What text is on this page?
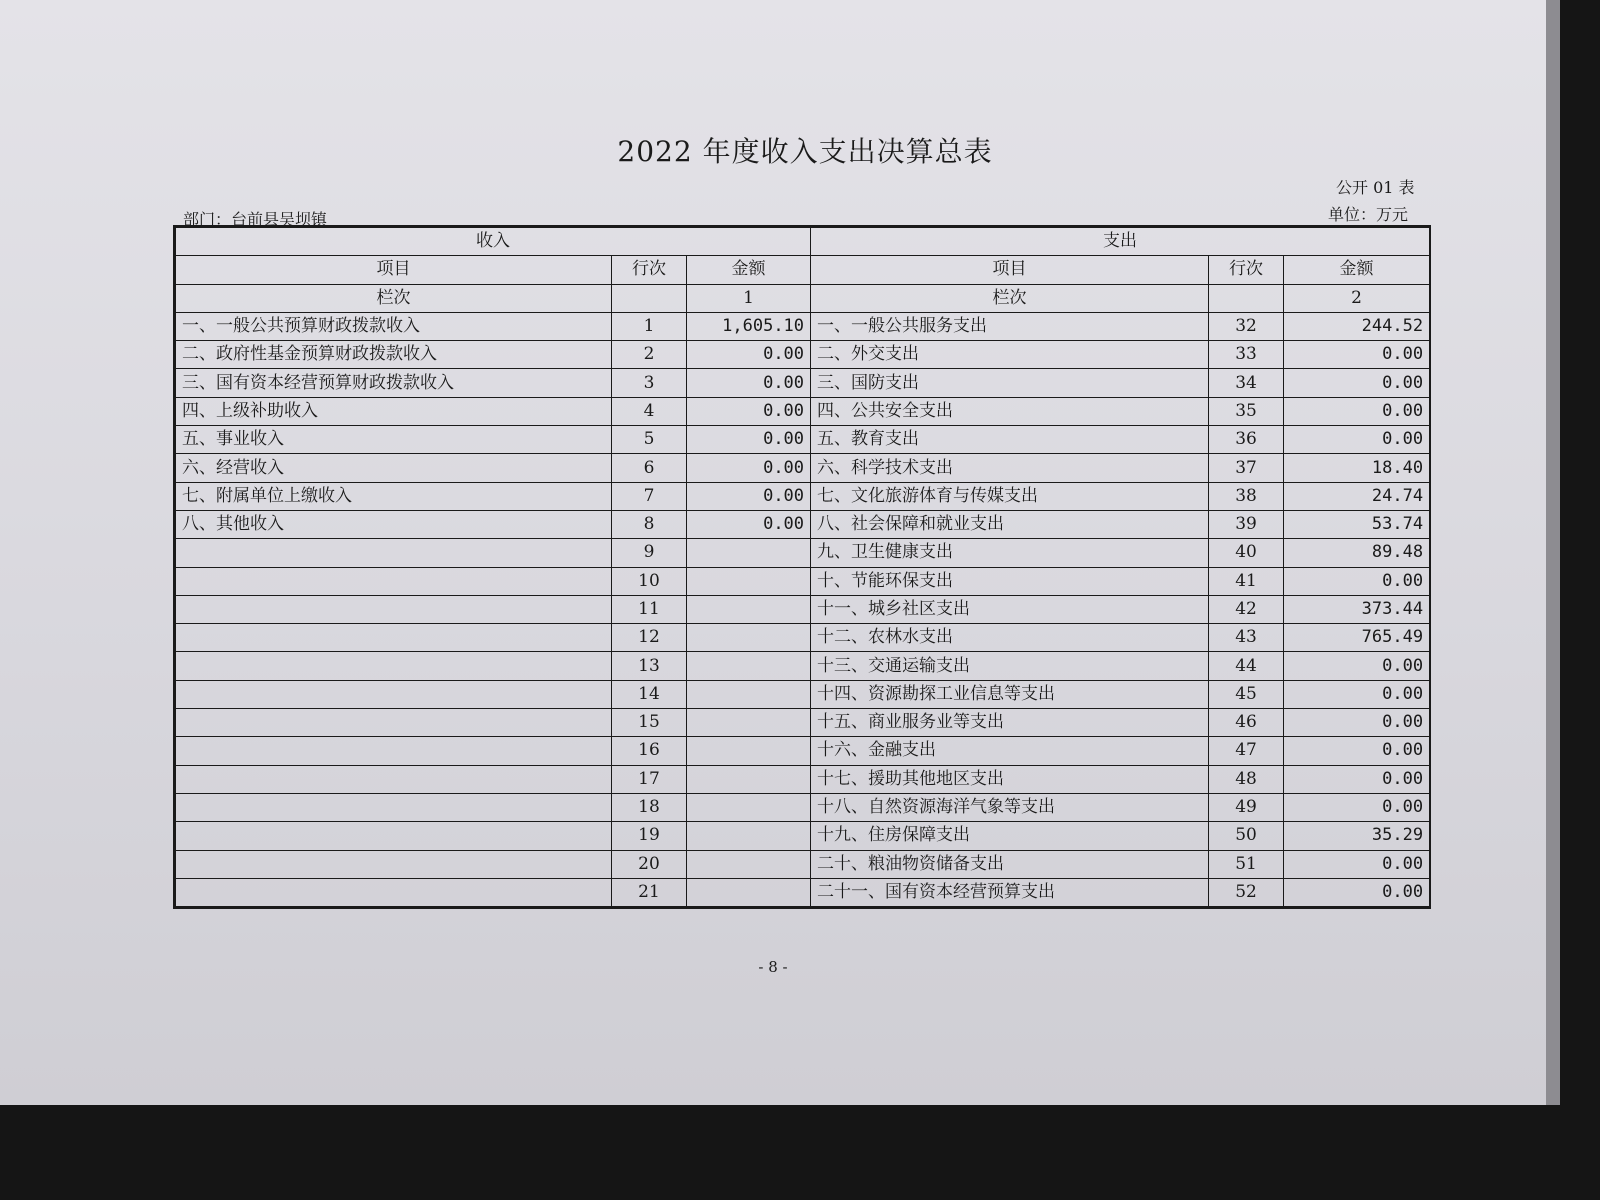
2022 年度收入支出决算总表
公开 01 表
部门：台前县吴坝镇	单位：万元
收入			支出		
项目	行次	金额	项目	行次	金额
栏次		1	栏次		2
一、一般公共预算财政拨款收入	1	1,605.10	一、一般公共服务支出	32	244.52
二、政府性基金预算财政拨款收入	2	0.00	二、外交支出	33	0.00
三、国有资本经营预算财政拨款收入	3	0.00	三、国防支出	34	0.00
四、上级补助收入	4	0.00	四、公共安全支出	35	0.00
五、事业收入	5	0.00	五、教育支出	36	0.00
六、经营收入	6	0.00	六、科学技术支出	37	18.40
七、附属单位上缴收入	7	0.00	七、文化旅游体育与传媒支出	38	24.74
八、其他收入	8	0.00	八、社会保障和就业支出	39	53.74
	9		九、卫生健康支出	40	89.48
	10		十、节能环保支出	41	0.00
	11		十一、城乡社区支出	42	373.44
	12		十二、农林水支出	43	765.49
	13		十三、交通运输支出	44	0.00
	14		十四、资源勘探工业信息等支出	45	0.00
	15		十五、商业服务业等支出	46	0.00
	16		十六、金融支出	47	0.00
	17		十七、援助其他地区支出	48	0.00
	18		十八、自然资源海洋气象等支出	49	0.00
	19		十九、住房保障支出	50	35.29
	20		二十、粮油物资储备支出	51	0.00
	21		二十一、国有资本经营预算支出	52	0.00
- 8 -
